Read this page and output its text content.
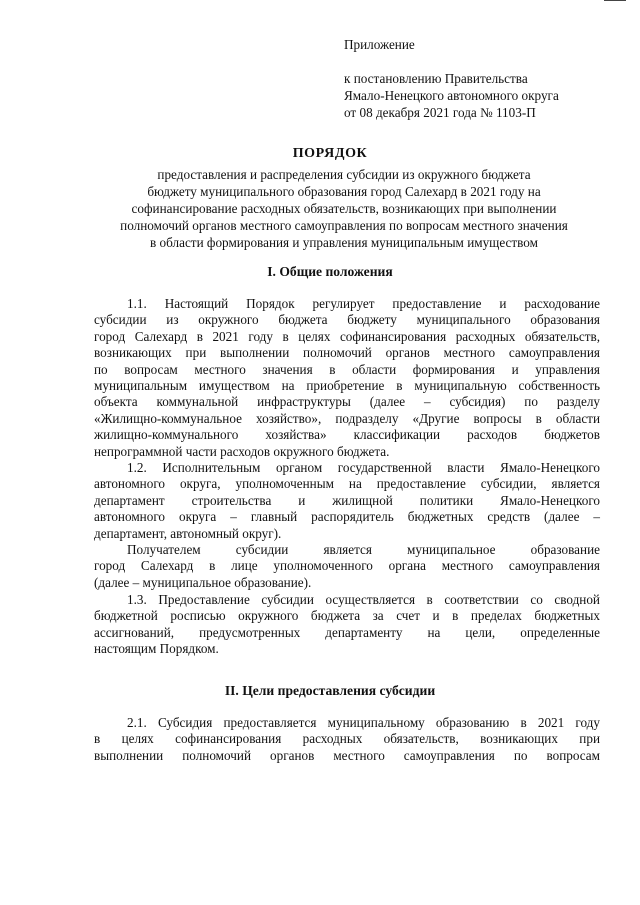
Приложение
к постановлению Правительства
Ямало-Ненецкого автономного округа
от 08 декабря 2021 года № 1103-П
ПОРЯДОК
предоставления и распределения субсидии из окружного бюджета
бюджету муниципального образования город Салехард в 2021 году на
софинансирование расходных обязательств, возникающих при выполнении
полномочий органов местного самоуправления по вопросам местного значения
в области формирования и управления муниципальным имуществом
I. Общие положения
1.1. Настоящий Порядок регулирует предоставление и расходование
субсидии из окружного бюджета бюджету муниципального образования
город Салехард в 2021 году в целях софинансирования расходных обязательств,
возникающих при выполнении полномочий органов местного самоуправления
по вопросам местного значения в области формирования и управления
муниципальным имуществом на приобретение в муниципальную собственность
объекта коммунальной инфраструктуры (далее – субсидия) по разделу
«Жилищно-коммунальное хозяйство», подразделу «Другие вопросы в области
жилищно-коммунального хозяйства» классификации расходов бюджетов
непрограммной части расходов окружного бюджета.
1.2. Исполнительным органом государственной власти Ямало-Ненецкого
автономного округа, уполномоченным на предоставление субсидии, является
департамент строительства и жилищной политики Ямало-Ненецкого
автономного округа – главный распорядитель бюджетных средств (далее –
департамент, автономный округ).
Получателем субсидии является муниципальное образование
город Салехард в лице уполномоченного органа местного самоуправления
(далее – муниципальное образование).
1.3. Предоставление субсидии осуществляется в соответствии со сводной
бюджетной росписью окружного бюджета за счет и в пределах бюджетных
ассигнований, предусмотренных департаменту на цели, определенные
настоящим Порядком.
II. Цели предоставления субсидии
2.1. Субсидия предоставляется муниципальному образованию в 2021 году
в целях софинансирования расходных обязательств, возникающих при
выполнении полномочий органов местного самоуправления по вопросам
